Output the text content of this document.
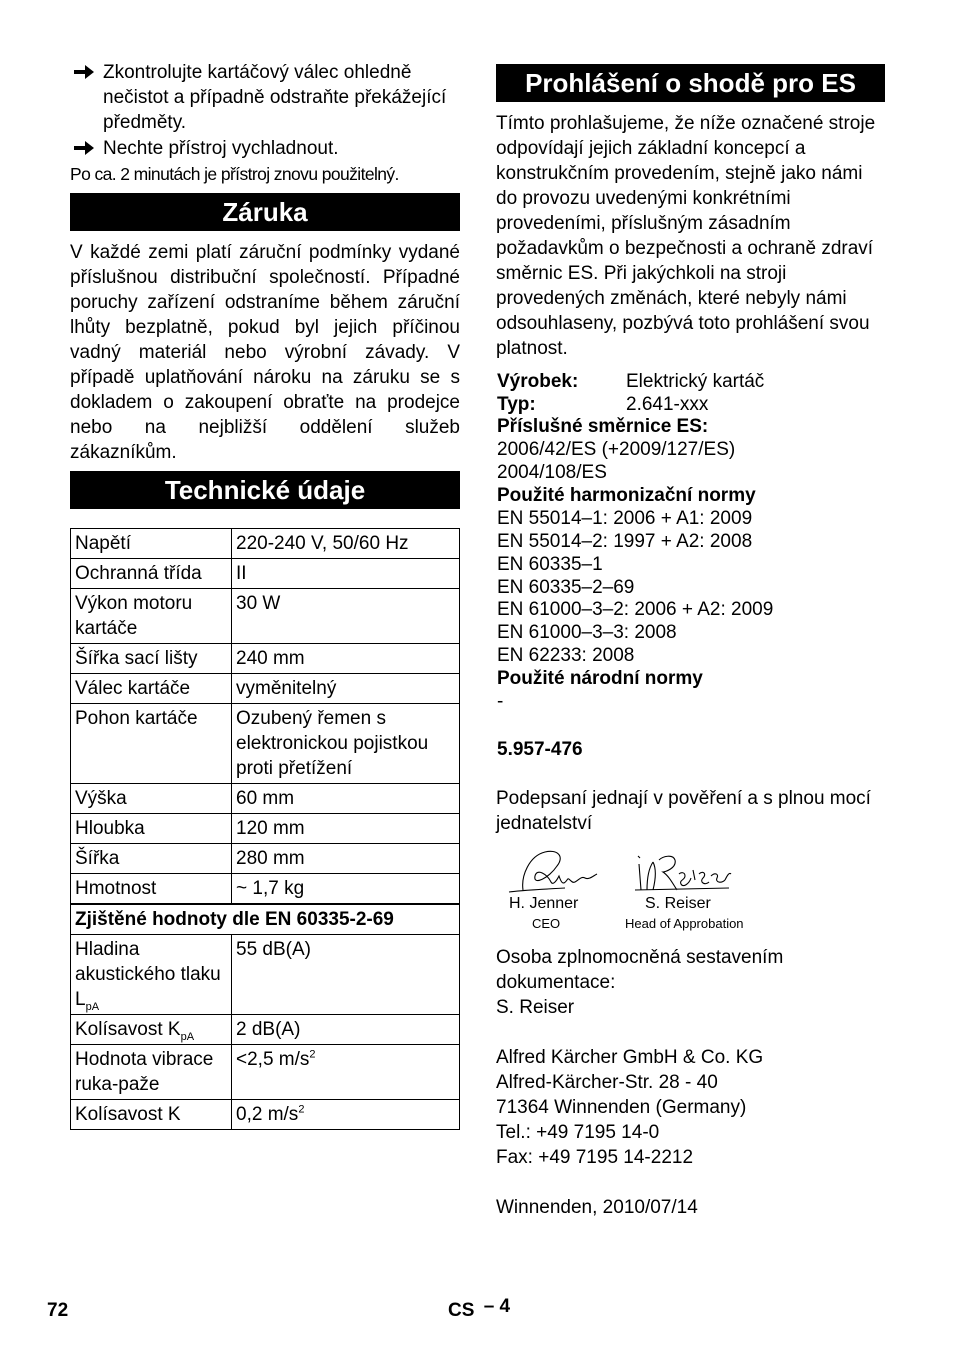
Zkontrolujte kartáčový válec ohledně nečistot a případně odstraňte překážející předměty.
Nechte přístroj vychladnout.
Po ca. 2 minutách je přístroj znovu použitelný.
Záruka
V každé zemi platí záruční podmínky vydané příslušnou distribuční společností. Případné poruchy zařízení odstraníme během záruční lhůty bezplatně, pokud byl jejich příčinou vadný materiál nebo výrobní závady. V případě uplatňování nároku na záruku se s dokladem o zakoupení obraťte na prodejce nebo na nejbližší oddělení služeb zákazníkům.
Technické údaje
Napětí	220-240 V, 50/60 Hz
Ochranná třída	II
Výkon motoru kartáče	30 W
Šířka sací lišty	240 mm
Válec kartáče	vyměnitelný
Pohon kartáče	Ozubený řemen s elektronickou pojistkou proti přetížení
Výška	60 mm
Hloubka	120 mm
Šířka	280 mm
Hmotnost	~ 1,7 kg
Zjištěné hodnoty dle EN 60335-2-69	
Hladina akustického tlaku $L_{pA}$	55 dB(A)
Kolísavost $K_{pA}$	2 dB(A)
Hodnota vibrace ruka-paže	<2,5 $m/s^2$
Kolísavost K	0,2 $m/s^2$
Prohlášení o shodě pro ES
Tímto prohlašujeme, že níže označené stroje odpovídají jejich základní koncepcí a konstrukčním provedením, stejně jako námi do provozu uvedenými konkrétními provedeními, příslušným zásadním požadavkům o bezpečnosti a ochraně zdraví směrnic ES. Při jakýchkoli na stroji provedených změnách, které nebyly námi odsouhlaseny, pozbývá toto prohlášení svou platnost.
Výrobek:	Elektrický kartáč
Typ:	2.641-xxx
Příslušné směrnice ES:
2006/42/ES (+2009/127/ES)
2004/108/ES
Použité harmonizační normy
EN 55014–1: 2006 + A1: 2009
EN 55014–2: 1997 + A2: 2008
EN 60335–1
EN 60335–2–69
EN 61000–3–2: 2006 + A2: 2009
EN 61000–3–3: 2008
EN 62233: 2008
Použité národní normy
-
5.957-476
Podepsaní jednají v pověření a s plnou mocí jednatelství
H. Jenner
CEO
S. Reiser
Head of Approbation
Osoba zplnomocněná sestavením dokumentace:
S. Reiser
Alfred Kärcher GmbH & Co. KG
Alfred-Kärcher-Str. 28 - 40
71364 Winnenden (Germany)
Tel.: +49 7195 14-0
Fax: +49 7195 14-2212
Winnenden, 2010/07/14
72	CS – 4
